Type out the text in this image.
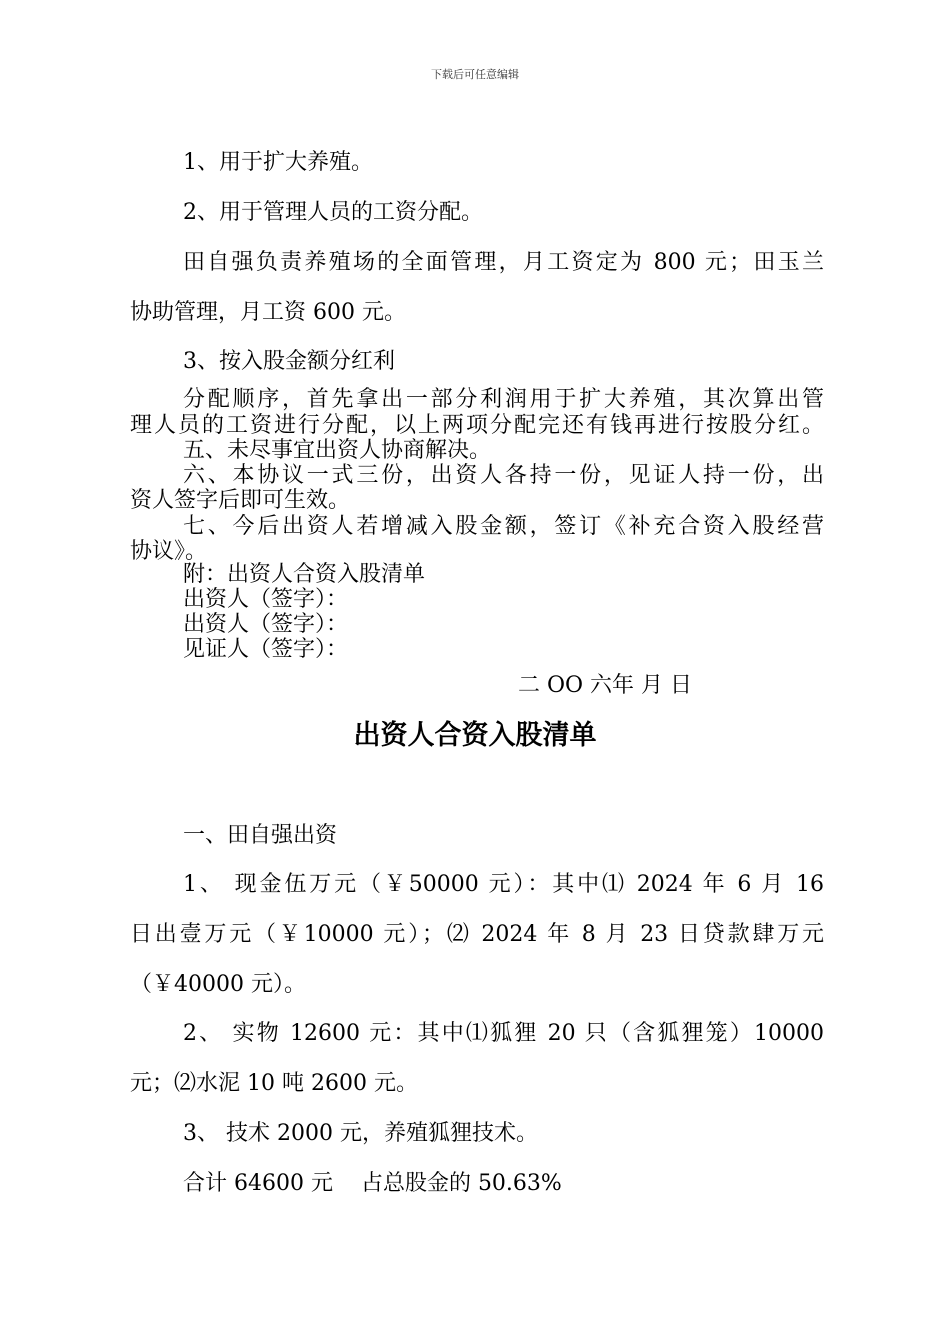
下载后可任意编辑
1、用于扩大养殖。
2、用于管理人员的工资分配。
田自强负责养殖场的全面管理，月工资定为 800 元；田玉兰
协助管理，月工资 600 元。
3、按入股金额分红利
分配顺序，首先拿出一部分利润用于扩大养殖，其次算出管
理人员的工资进行分配，以上两项分配完还有钱再进行按股分红。
五、未尽事宜出资人协商解决。
六、本协议一式三份，出资人各持一份，见证人持一份，出
资人签字后即可生效。
七、今后出资人若增减入股金额，签订《补充合资入股经营
协议》。
附：出资人合资入股清单
出资人（签字）：
出资人（签字）：
见证人（签字）：
二 OO 六年 月 日
出资人合资入股清单
一、田自强出资
1、 现金伍万元（￥50000 元）：其中⑴ 2024 年 6 月 16
日出壹万元（￥10000 元）；⑵ 2024 年 8 月 23 日贷款肆万元
（￥40000 元）。
2、 实物 12600 元：其中⑴狐狸 20 只（含狐狸笼）10000
元；⑵水泥 10 吨 2600 元。
3、 技术 2000 元，养殖狐狸技术。
合计 64600 元    占总股金的 50.63%
